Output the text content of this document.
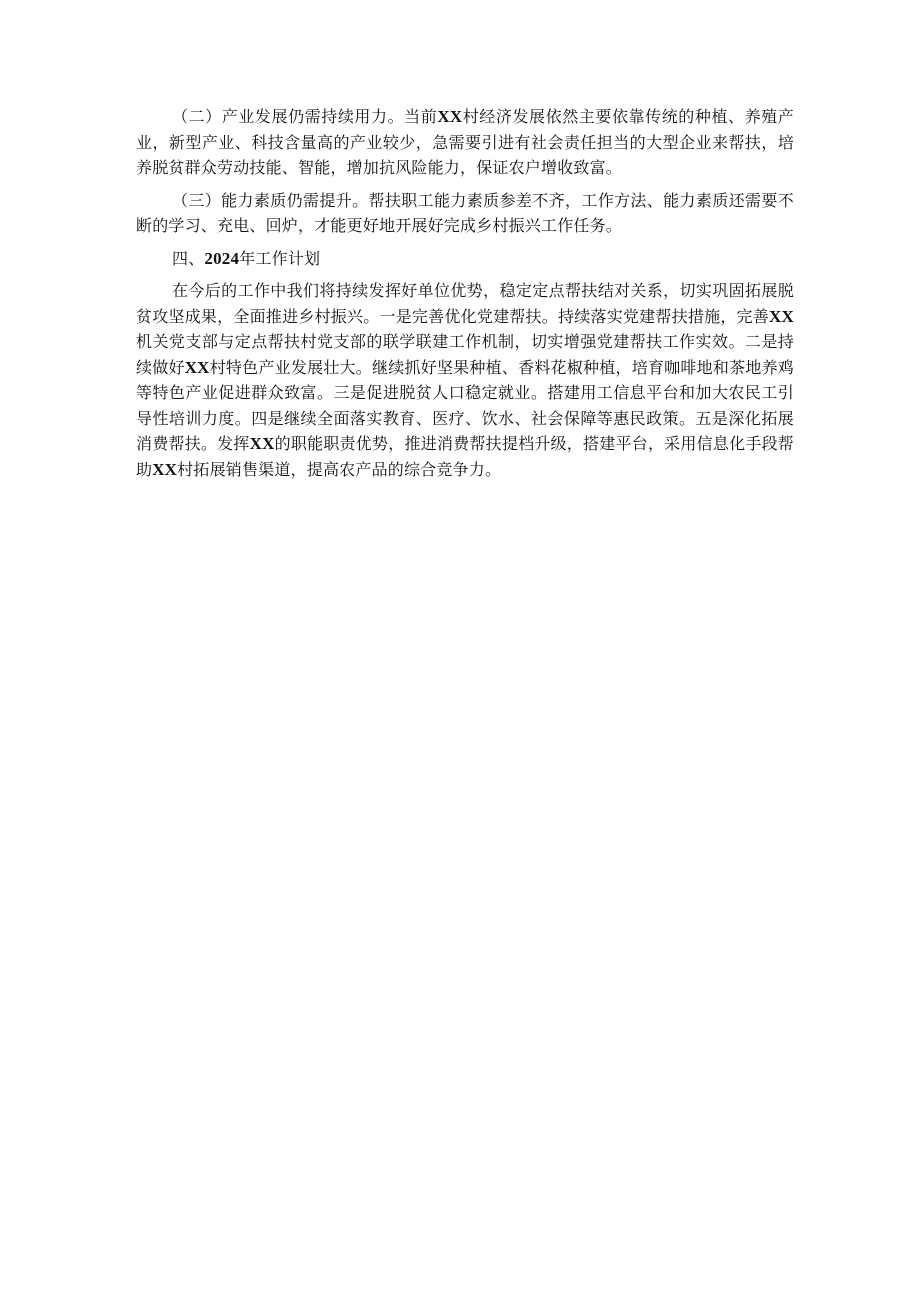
（二）产业发展仍需持续用力。当前XX村经济发展依然主要依靠传统的种植、养殖产业，新型产业、科技含量高的产业较少，急需要引进有社会责任担当的大型企业来帮扶，培养脱贫群众劳动技能、智能，增加抗风险能力，保证农户增收致富。

（三）能力素质仍需提升。帮扶职工能力素质参差不齐，工作方法、能力素质还需要不断的学习、充电、回炉，才能更好地开展好完成乡村振兴工作任务。

四、2024年工作计划

在今后的工作中我们将持续发挥好单位优势，稳定定点帮扶结对关系，切实巩固拓展脱贫攻坚成果，全面推进乡村振兴。一是完善优化党建帮扶。持续落实党建帮扶措施，完善XX机关党支部与定点帮扶村党支部的联学联建工作机制，切实增强党建帮扶工作实效。二是持续做好XX村特色产业发展壮大。继续抓好坚果种植、香料花椒种植，培育咖啡地和茶地养鸡等特色产业促进群众致富。三是促进脱贫人口稳定就业。搭建用工信息平台和加大农民工引导性培训力度。四是继续全面落实教育、医疗、饮水、社会保障等惠民政策。五是深化拓展消费帮扶。发挥XX的职能职责优势，推进消费帮扶提档升级，搭建平台，采用信息化手段帮助XX村拓展销售渠道，提高农产品的综合竞争力。
